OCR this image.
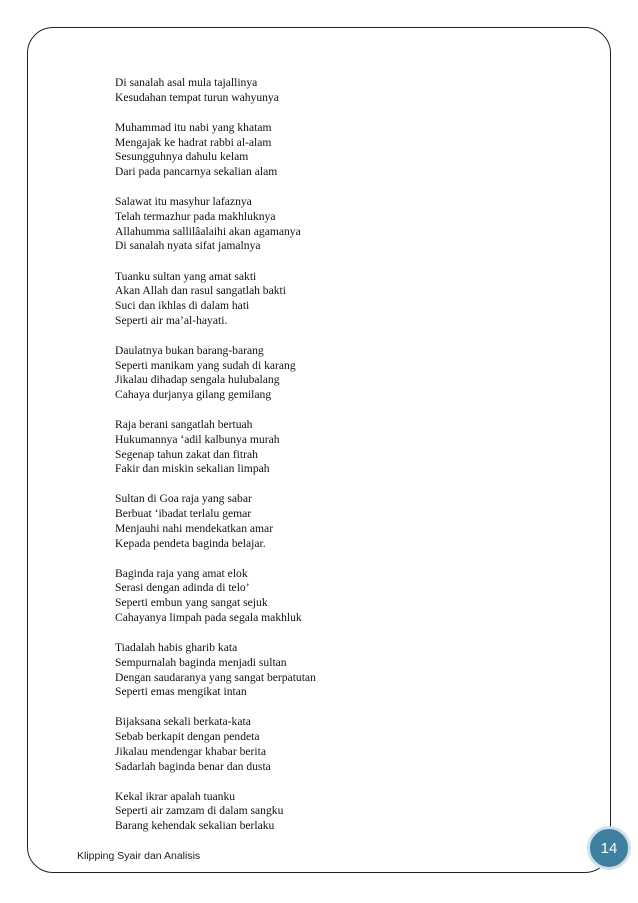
Di sanalah asal mula tajallinya
Kesudahan tempat turun wahyunya
Muhammad itu nabi yang khatam
Mengajak ke hadrat rabbi al-alam
Sesungguhnya dahulu kelam
Dari pada pancarnya sekalian alam
Salawat itu masyhur lafaznya
Telah termazhur pada makhluknya
Allahumma sallilâalaihi akan agamanya
Di sanalah nyata sifat jamalnya
Tuanku sultan yang amat sakti
Akan Allah dan rasul sangatlah bakti
Suci dan ikhlas di dalam hati
Seperti air ma’al-hayati.
Daulatnya bukan barang-barang
Seperti manikam yang sudah di karang
Jikalau dihadap sengala hulubalang
Cahaya durjanya gilang gemilang
Raja berani sangatlah bertuah
Hukumannya ‘adil kalbunya murah
Segenap tahun zakat dan fitrah
Fakir dan miskin sekalian limpah
Sultan di Goa raja yang sabar
Berbuat ‘ibadat terlalu gemar
Menjauhi nahi mendekatkan amar
Kepada pendeta baginda belajar.
Baginda raja yang amat elok
Serasi dengan adinda di telo’
Seperti embun yang sangat sejuk
Cahayanya limpah pada segala makhluk
Tiadalah habis gharib kata
Sempurnalah baginda menjadi sultan
Dengan saudaranya yang sangat berpatutan
Seperti emas mengikat intan
Bijaksana sekali berkata-kata
Sebab berkapit dengan pendeta
Jikalau mendengar khabar berita
Sadarlah baginda benar dan dusta
Kekal ikrar apalah tuanku
Seperti air zamzam di dalam sangku
Barang kehendak sekalian berlaku
Klipping Syair dan Analisis	14
